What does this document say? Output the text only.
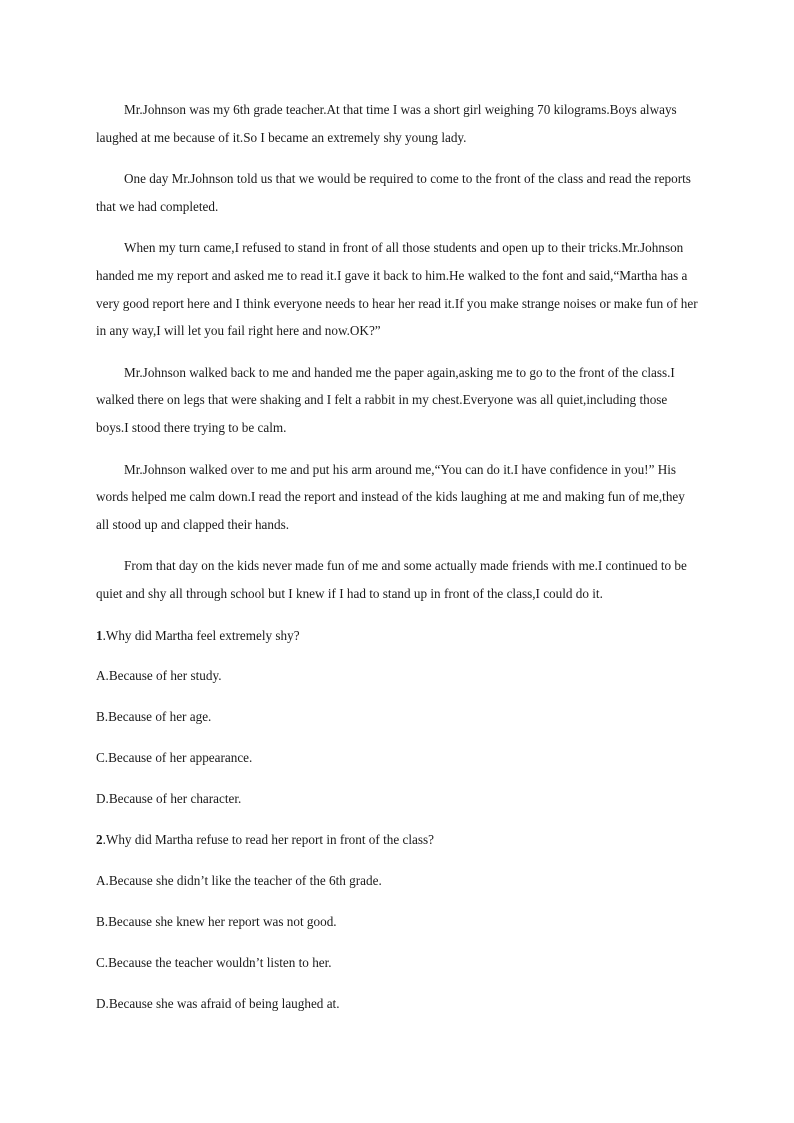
Mr.Johnson was my 6th grade teacher.At that time I was a short girl weighing 70 kilograms.Boys always laughed at me because of it.So I became an extremely shy young lady.

One day Mr.Johnson told us that we would be required to come to the front of the class and read the reports that we had completed.

When my turn came,I refused to stand in front of all those students and open up to their tricks.Mr.Johnson handed me my report and asked me to read it.I gave it back to him.He walked to the font and said,“Martha has a very good report here and I think everyone needs to hear her read it.If you make strange noises or make fun of her in any way,I will let you fail right here and now.OK?”

Mr.Johnson walked back to me and handed me the paper again,asking me to go to the front of the class.I walked there on legs that were shaking and I felt a rabbit in my chest.Everyone was all quiet,including those boys.I stood there trying to be calm.

Mr.Johnson walked over to me and put his arm around me,“You can do it.I have confidence in you!” His words helped me calm down.I read the report and instead of the kids laughing at me and making fun of me,they all stood up and clapped their hands.

From that day on the kids never made fun of me and some actually made friends with me.I continued to be quiet and shy all through school but I knew if I had to stand up in front of the class,I could do it.

1.Why did Martha feel extremely shy?

A.Because of her study.

B.Because of her age.

C.Because of her appearance.

D.Because of her character.

2.Why did Martha refuse to read her report in front of the class?

A.Because she didn’t like the teacher of the 6th grade.

B.Because she knew her report was not good.

C.Because the teacher wouldn’t listen to her.

D.Because she was afraid of being laughed at.
